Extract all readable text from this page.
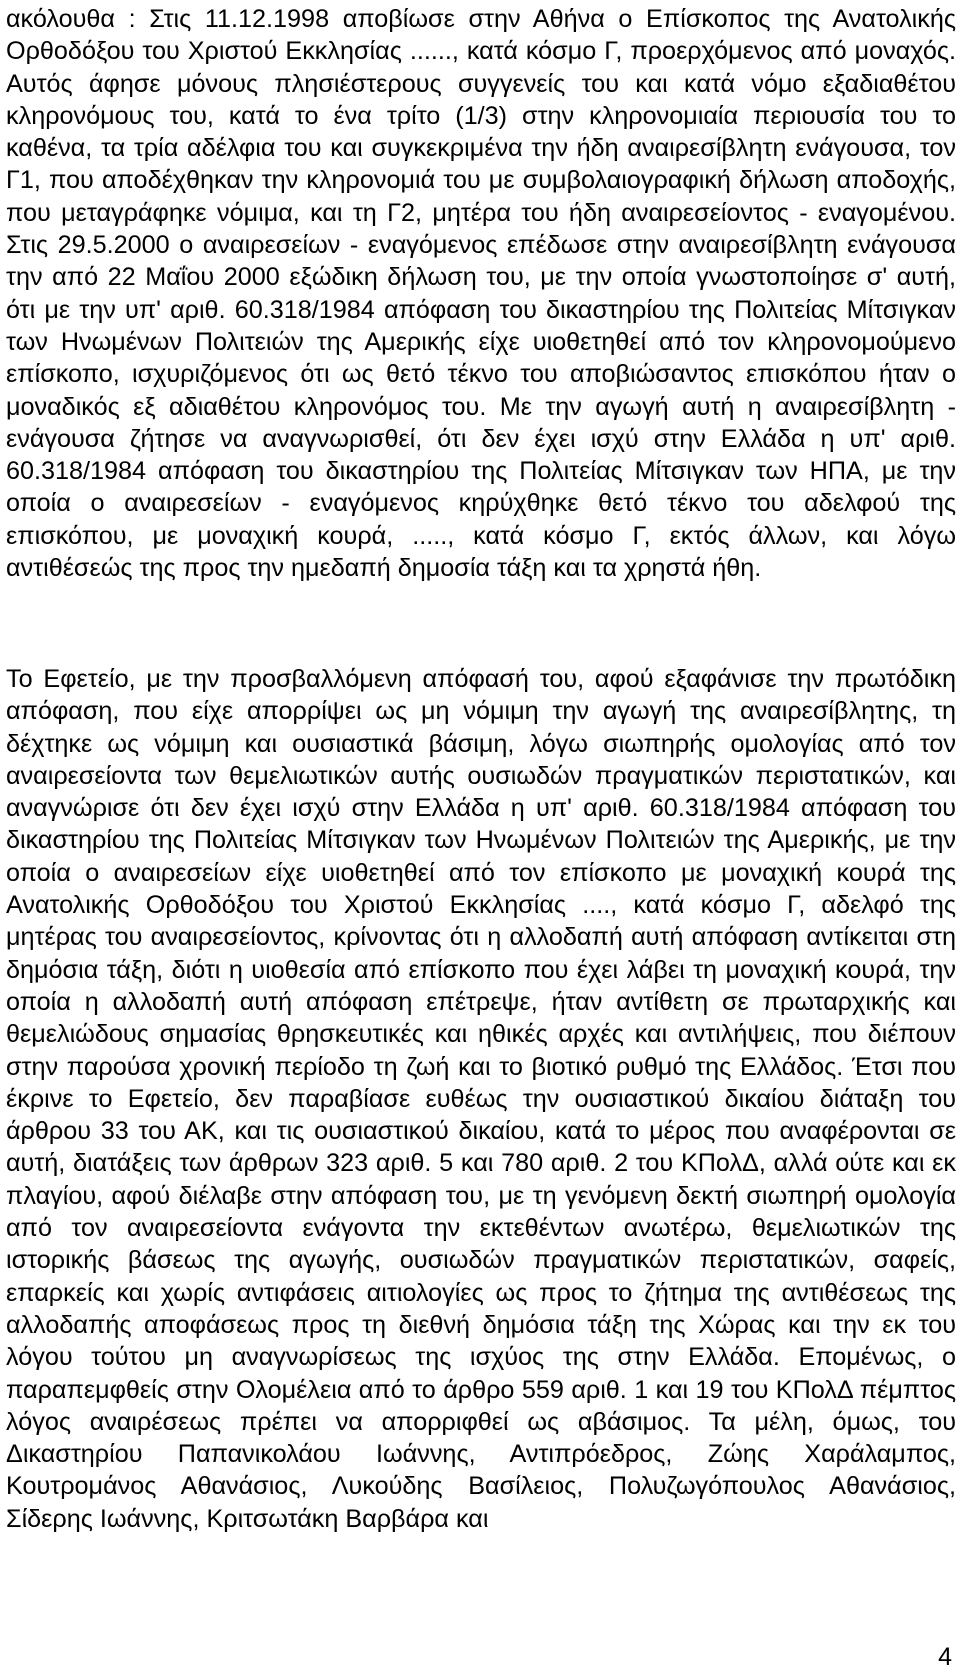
ακόλουθα : Στις 11.12.1998 αποβίωσε στην Αθήνα ο Επίσκοπος της Ανατολικής Ορθοδόξου του Χριστού Εκκλησίας ......, κατά κόσμο Γ, προερχόμενος από μοναχός. Αυτός άφησε μόνους πλησιέστερους συγγενείς του και κατά νόμο εξαδιαθέτου κληρονόμους του, κατά το ένα τρίτο (1/3) στην κληρονομιαία περιουσία του το καθένα, τα τρία αδέλφια του και συγκεκριμένα την ήδη αναιρεσίβλητη ενάγουσα, τον Γ1, που αποδέχθηκαν την κληρονομιά του με συμβολαιογραφική δήλωση αποδοχής, που μεταγράφηκε νόμιμα, και τη Γ2, μητέρα του ήδη αναιρεσείοντος - εναγομένου. Στις 29.5.2000 ο αναιρεσείων - εναγόμενος επέδωσε στην αναιρεσίβλητη ενάγουσα την από 22 Μαΐου 2000 εξώδικη δήλωση του, με την οποία γνωστοποίησε σ' αυτή, ότι με την υπ' αριθ. 60.318/1984 απόφαση του δικαστηρίου της Πολιτείας Μίτσιγκαν των Ηνωμένων Πολιτειών της Αμερικής είχε υιοθετηθεί από τον κληρονομούμενο επίσκοπο, ισχυριζόμενος ότι ως θετό τέκνο του αποβιώσαντος επισκόπου ήταν ο μοναδικός εξ αδιαθέτου κληρονόμος του. Με την αγωγή αυτή η αναιρεσίβλητη - ενάγουσα ζήτησε να αναγνωρισθεί, ότι δεν έχει ισχύ στην Ελλάδα η υπ' αριθ. 60.318/1984 απόφαση του δικαστηρίου της Πολιτείας Μίτσιγκαν των ΗΠΑ, με την οποία ο αναιρεσείων - εναγόμενος κηρύχθηκε θετό τέκνο του αδελφού της επισκόπου, με μοναχική κουρά, ....., κατά κόσμο Γ, εκτός άλλων, και λόγω αντιθέσεώς της προς την ημεδαπή δημοσία τάξη και τα χρηστά ήθη.

Το Εφετείο, με την προσβαλλόμενη απόφασή του, αφού εξαφάνισε την πρωτόδικη απόφαση, που είχε απορρίψει ως μη νόμιμη την αγωγή της αναιρεσίβλητης, τη δέχτηκε ως νόμιμη και ουσιαστικά βάσιμη, λόγω σιωπηρής ομολογίας από τον αναιρεσείοντα των θεμελιωτικών αυτής ουσιωδών πραγματικών περιστατικών, και αναγνώρισε ότι δεν έχει ισχύ στην Ελλάδα η υπ' αριθ. 60.318/1984 απόφαση του δικαστηρίου της Πολιτείας Μίτσιγκαν των Ηνωμένων Πολιτειών της Αμερικής, με την οποία ο αναιρεσείων είχε υιοθετηθεί από τον επίσκοπο με μοναχική κουρά της Ανατολικής Ορθοδόξου του Χριστού Εκκλησίας ...., κατά κόσμο Γ, αδελφό της μητέρας του αναιρεσείοντος, κρίνοντας ότι η αλλοδαπή αυτή απόφαση αντίκειται στη δημόσια τάξη, διότι η υιοθεσία από επίσκοπο που έχει λάβει τη μοναχική κουρά, την οποία η αλλοδαπή αυτή απόφαση επέτρεψε, ήταν αντίθετη σε πρωταρχικής και θεμελιώδους σημασίας θρησκευτικές και ηθικές αρχές και αντιλήψεις, που διέπουν στην παρούσα χρονική περίοδο τη ζωή και το βιοτικό ρυθμό της Ελλάδος. Έτσι που έκρινε το Εφετείο, δεν παραβίασε ευθέως την ουσιαστικού δικαίου διάταξη του άρθρου 33 του ΑΚ, και τις ουσιαστικού δικαίου, κατά το μέρος που αναφέρονται σε αυτή, διατάξεις των άρθρων 323 αριθ. 5 και 780 αριθ. 2 του ΚΠολΔ, αλλά ούτε και εκ πλαγίου, αφού διέλαβε στην απόφαση του, με τη γενόμενη δεκτή σιωπηρή ομολογία από τον αναιρεσείοντα ενάγοντα την εκτεθέντων ανωτέρω, θεμελιωτικών της ιστορικής βάσεως της αγωγής, ουσιωδών πραγματικών περιστατικών, σαφείς, επαρκείς και χωρίς αντιφάσεις αιτιολογίες ως προς το ζήτημα της αντιθέσεως της αλλοδαπής αποφάσεως προς τη διεθνή δημόσια τάξη της Χώρας και την εκ του λόγου τούτου μη αναγνωρίσεως της ισχύος της στην Ελλάδα. Επομένως, ο παραπεμφθείς στην Ολομέλεια από το άρθρο 559 αριθ. 1 και 19 του ΚΠολΔ πέμπτος λόγος αναιρέσεως πρέπει να απορριφθεί ως αβάσιμος. Τα μέλη, όμως, του Δικαστηρίου Παπανικολάου Ιωάννης, Αντιπρόεδρος, Ζώης Χαράλαμπος, Κουτρομάνος Αθανάσιος, Λυκούδης Βασίλειος, Πολυζωγόπουλος Αθανάσιος, Σίδερης Ιωάννης, Κριτσωτάκη Βαρβάρα και

4
